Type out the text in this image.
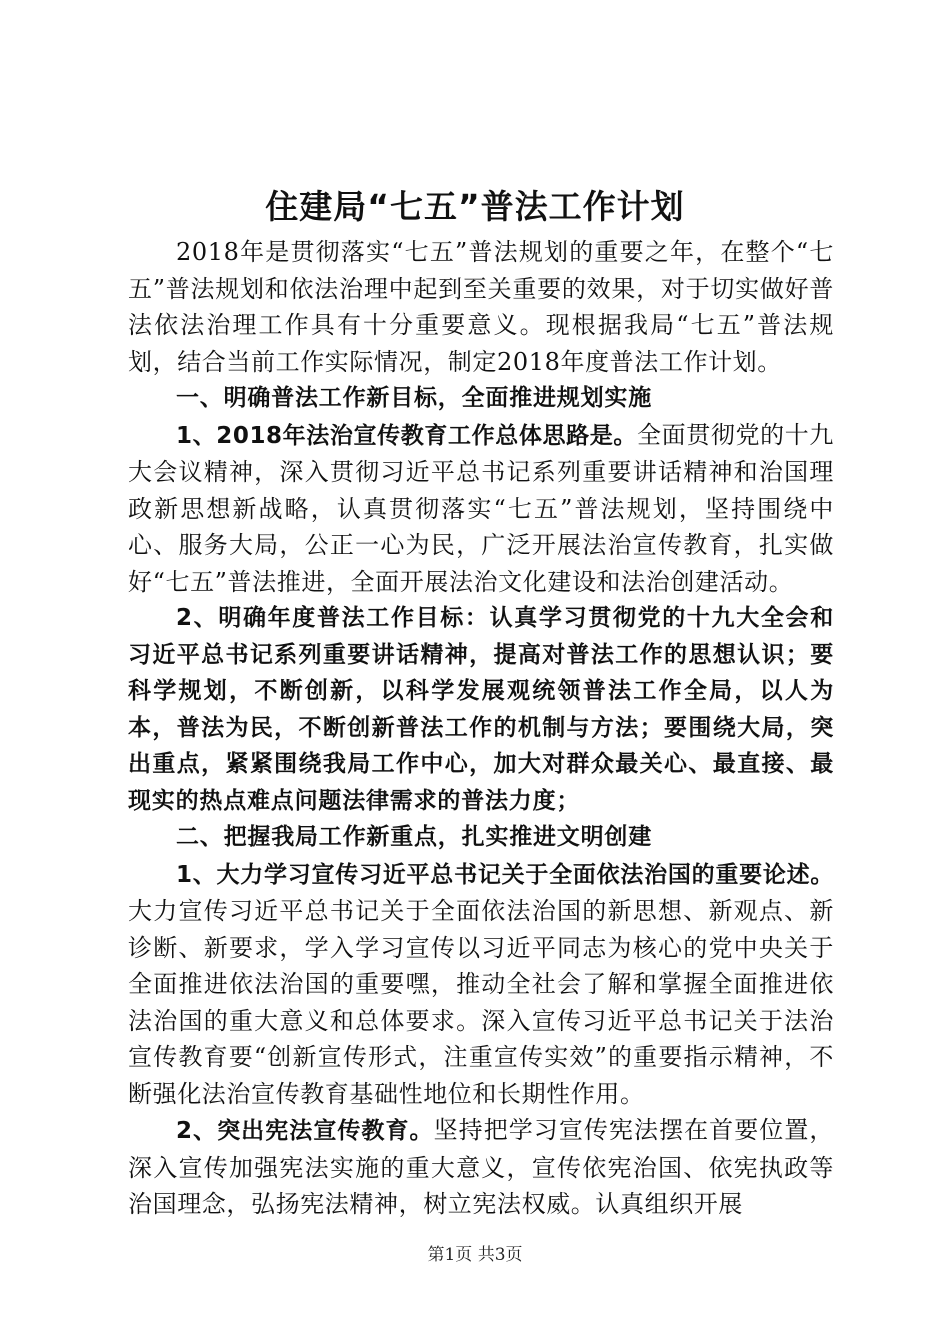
住建局“七五”普法工作计划

2018年是贯彻落实“七五”普法规划的重要之年，在整个“七五”普法规划和依法治理中起到至关重要的效果，对于切实做好普法依法治理工作具有十分重要意义。现根据我局“七五”普法规划，结合当前工作实际情况，制定2018年度普法工作计划。

一、明确普法工作新目标，全面推进规划实施

1、2018年法治宣传教育工作总体思路是。全面贯彻党的十九大会议精神，深入贯彻习近平总书记系列重要讲话精神和治国理政新思想新战略，认真贯彻落实“七五”普法规划，坚持围绕中心、服务大局，公正一心为民，广泛开展法治宣传教育，扎实做好“七五”普法推进，全面开展法治文化建设和法治创建活动。

2、明确年度普法工作目标：认真学习贯彻党的十九大全会和习近平总书记系列重要讲话精神，提高对普法工作的思想认识；要科学规划，不断创新，以科学发展观统领普法工作全局，以人为本，普法为民，不断创新普法工作的机制与方法；要围绕大局，突出重点，紧紧围绕我局工作中心，加大对群众最关心、最直接、最现实的热点难点问题法律需求的普法力度；

二、把握我局工作新重点，扎实推进文明创建

1、大力学习宣传习近平总书记关于全面依法治国的重要论述。大力宣传习近平总书记关于全面依法治国的新思想、新观点、新诊断、新要求，学入学习宣传以习近平同志为核心的党中央关于全面推进依法治国的重要嘿，推动全社会了解和掌握全面推进依法治国的重大意义和总体要求。深入宣传习近平总书记关于法治宣传教育要“创新宣传形式，注重宣传实效”的重要指示精神，不断强化法治宣传教育基础性地位和长期性作用。

2、突出宪法宣传教育。坚持把学习宣传宪法摆在首要位置，深入宣传加强宪法实施的重大意义，宣传依宪治国、依宪执政等治国理念，弘扬宪法精神，树立宪法权威。认真组织开展

第1页 共3页
